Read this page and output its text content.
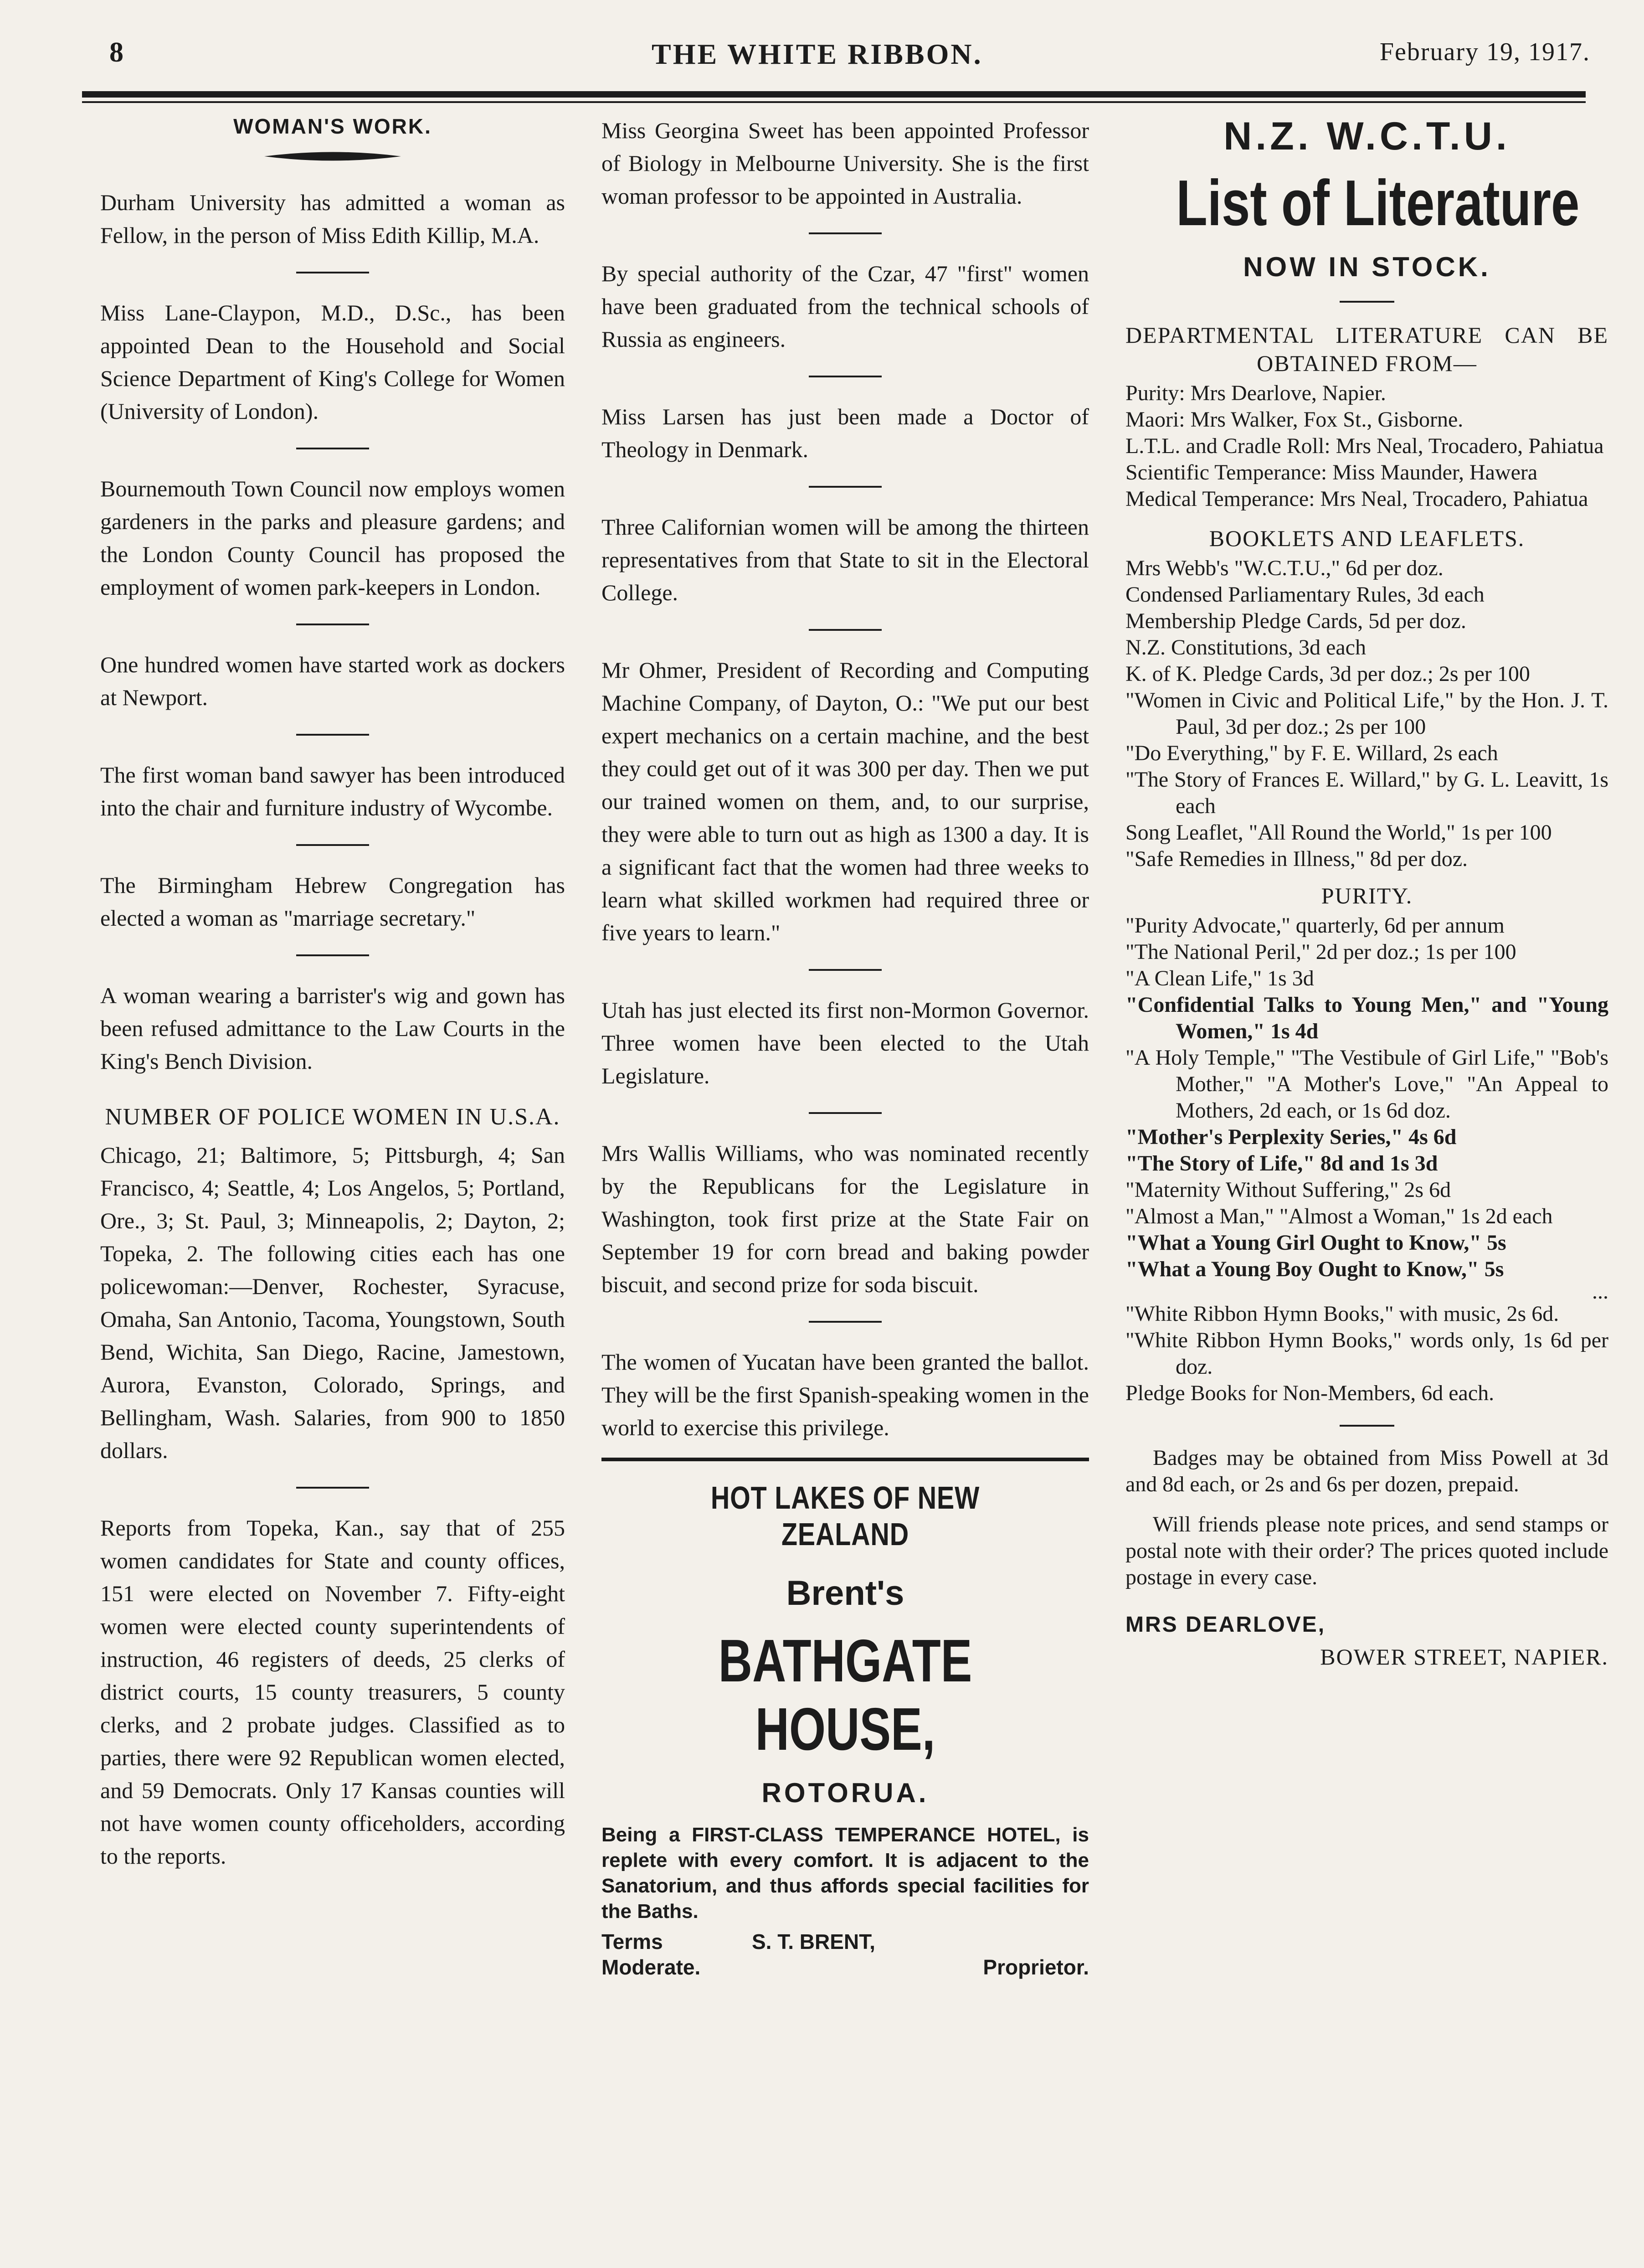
8	THE WHITE RIBBON.	February 19, 1917.
WOMAN'S WORK.

Durham University has admitted a woman as Fellow, in the person of Miss Edith Killip, M.A.

Miss Lane-Claypon, M.D., D.Sc., has been appointed Dean to the Household and Social Science Department of King's College for Women (University of London).

Bournemouth Town Council now employs women gardeners in the parks and pleasure gardens; and the London County Council has proposed the employment of women park-keepers in London.

One hundred women have started work as dockers at Newport.

The first woman band sawyer has been introduced into the chair and furniture industry of Wycombe.

The Birmingham Hebrew Congregation has elected a woman as "marriage secretary."

A woman wearing a barrister's wig and gown has been refused admittance to the Law Courts in the King's Bench Division.

NUMBER OF POLICE WOMEN IN U.S.A.

Chicago, 21; Baltimore, 5; Pittsburgh, 4; San Francisco, 4; Seattle, 4; Los Angelos, 5; Portland, Ore., 3; St. Paul, 3; Minneapolis, 2; Dayton, 2; Topeka, 2. The following cities each has one policewoman:—Denver, Rochester, Syracuse, Omaha, San Antonio, Tacoma, Youngstown, South Bend, Wichita, San Diego, Racine, Jamestown, Aurora, Evanston, Colorado, Springs, and Bellingham, Wash. Salaries, from 900 to 1850 dollars.

Reports from Topeka, Kan., say that of 255 women candidates for State and county offices, 151 were elected on November 7. Fifty-eight women were elected county superintendents of instruction, 46 registers of deeds, 25 clerks of district courts, 15 county treasurers, 5 county clerks, and 2 probate judges. Classified as to parties, there were 92 Republican women elected, and 59 Democrats. Only 17 Kansas counties will not have women county officeholders, according to the reports.

Miss Georgina Sweet has been appointed Professor of Biology in Melbourne University. She is the first woman professor to be appointed in Australia.

By special authority of the Czar, 47 "first" women have been graduated from the technical schools of Russia as engineers.

Miss Larsen has just been made a Doctor of Theology in Denmark.

Three Californian women will be among the thirteen representatives from that State to sit in the Electoral College.

Mr Ohmer, President of Recording and Computing Machine Company, of Dayton, O.: "We put our best expert mechanics on a certain machine, and the best they could get out of it was 300 per day. Then we put our trained women on them, and, to our surprise, they were able to turn out as high as 1300 a day. It is a significant fact that the women had three weeks to learn what skilled workmen had required three or five years to learn."

Utah has just elected its first non-Mormon Governor. Three women have been elected to the Utah Legislature.

Mrs Wallis Williams, who was nominated recently by the Republicans for the Legislature in Washington, took first prize at the State Fair on September 19 for corn bread and baking powder biscuit, and second prize for soda biscuit.

The women of Yucatan have been granted the ballot. They will be the first Spanish-speaking women in the world to exercise this privilege.

HOT LAKES OF NEW ZEALAND
Brent's
BATHGATE HOUSE,
ROTORUA.

Being a FIRST-CLASS TEMPERANCE HOTEL, is replete with every comfort. It is adjacent to the Sanatorium, and thus affords special facilities for the Baths.

Terms Moderate.
S. T. BRENT,
Proprietor.
N.Z. W.C.T.U.
List of Literature
NOW IN STOCK.
DEPARTMENTAL LITERATURE CAN BE OBTAINED FROM—

Purity: Mrs Dearlove, Napier.

Maori: Mrs Walker, Fox St., Gisborne.

L.T.L. and Cradle Roll: Mrs Neal, Trocadero, Pahiatua

Scientific Temperance: Miss Maunder, Hawera

Medical Temperance: Mrs Neal, Trocadero, Pahiatua

BOOKLETS AND LEAFLETS.

Mrs Webb's "W.C.T.U.," 6d per doz.

Condensed Parliamentary Rules, 3d each

Membership Pledge Cards, 5d per doz.

N.Z. Constitutions, 3d each

K. of K. Pledge Cards, 3d per doz.; 2s per 100

"Women in Civic and Political Life," by the Hon. J. T. Paul, 3d per doz.; 2s per 100

"Do Everything," by F. E. Willard, 2s each

"The Story of Frances E. Willard," by G. L. Leavitt, 1s each

Song Leaflet, "All Round the World," 1s per 100

"Safe Remedies in Illness," 8d per doz.

PURITY.

"Purity Advocate," quarterly, 6d per annum

"The National Peril," 2d per doz.; 1s per 100

"A Clean Life," 1s 3d

"Confidential Talks to Young Men," and "Young Women," 1s 4d

"A Holy Temple," "The Vestibule of Girl Life," "Bob's Mother," "A Mother's Love," "An Appeal to Mothers, 2d each, or 1s 6d doz.

"Mother's Perplexity Series," 4s 6d

"The Story of Life," 8d and 1s 3d

"Maternity Without Suffering," 2s 6d

"Almost a Man," "Almost a Woman," 1s 2d each

"What a Young Girl Ought to Know," 5s

"What a Young Boy Ought to Know," 5s

...

"White Ribbon Hymn Books," with music, 2s 6d.

"White Ribbon Hymn Books," words only, 1s 6d per doz.

Pledge Books for Non-Members, 6d each.

Badges may be obtained from Miss Powell at 3d and 8d each, or 2s and 6s per dozen, prepaid.

Will friends please note prices, and send stamps or postal note with their order? The prices quoted include postage in every case.

MRS DEARLOVE,
BOWER STREET, NAPIER.
